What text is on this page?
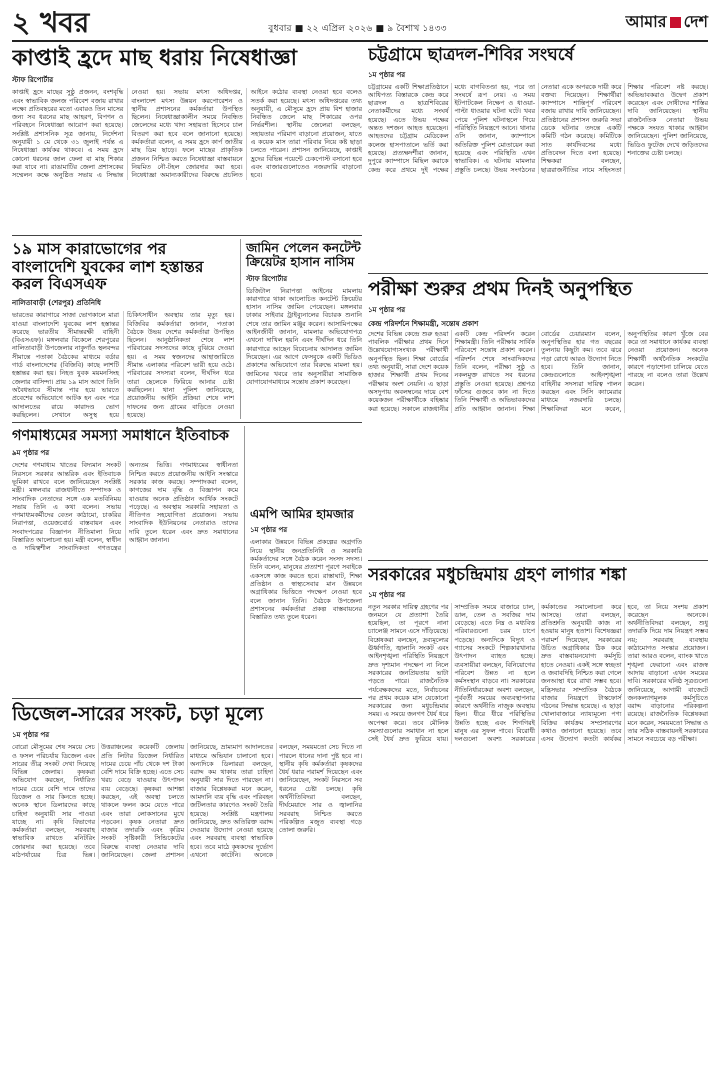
২ খবর	বুধবার ■ ২২ এপ্রিল ২০২৬ ■ ৯ বৈশাখ ১৪৩৩	আমার দেশ
কাপ্তাই হ্রদে মাছ ধরায় নিষেধাজ্ঞা
স্টাফ রিপোর্টার

কাপ্তাই হ্রদে মাছের সুষ্ঠু প্রজনন, বংশবৃদ্ধি এবং স্বাভাবিক জলজ পরিবেশ বজায় রাখার লক্ষ্যে প্রতিবছরের মতো এবারও তিন মাসের জন্য সব ধরনের মাছ আহরণ, বিপণন ও পরিবহনে নিষেধাজ্ঞা আরোপ করা হয়েছে। সংশ্লিষ্ট প্রশাসনিক সূত্র জানায়, নির্দেশনা অনুযায়ী ১ মে থেকে ৩১ জুলাই পর্যন্ত এ নিষেধাজ্ঞা কার্যকর থাকবে। এ সময় হ্রদে কোনো ধরনের জাল ফেলা বা মাছ শিকার করা যাবে না। রাঙামাটির জেলা প্রশাসকের সম্মেলন কক্ষে অনুষ্ঠিত সভায় এ সিদ্ধান্ত নেওয়া হয়। সভায় মৎস্য অধিদপ্তর, বাংলাদেশ মৎস্য উন্নয়ন করপোরেশন ও স্থানীয় প্রশাসনের কর্মকর্তারা উপস্থিত ছিলেন। নিষেধাজ্ঞাকালীন সময়ে নিবন্ধিত জেলেদের মধ্যে খাদ্য সহায়তা হিসেবে চাল বিতরণ করা হবে বলে জানানো হয়েছে। কর্মকর্তারা বলেন, এ সময় হ্রদে কার্প জাতীয় মাছ ডিম ছাড়ে। ফলে মাছের প্রাকৃতিক প্রজনন নিশ্চিত করতে নিষেধাজ্ঞা বাস্তবায়নে নিয়মিত নৌ-টহল জোরদার করা হবে। নিষেধাজ্ঞা অমান্যকারীদের বিরুদ্ধে প্রচলিত আইনে কঠোর ব্যবস্থা নেওয়া হবে বলেও সতর্ক করা হয়েছে। মৎস্য অধিদপ্তরের তথ্য অনুযায়ী, এ মৌসুমে হ্রদে প্রায় বিশ হাজার নিবন্ধিত জেলে মাছ শিকারের ওপর নির্ভরশীল। স্থানীয় জেলেরা বলছেন, সহায়তার পরিমাণ বাড়ানো প্রয়োজন, যাতে এ কয়েক মাস তারা পরিবার নিয়ে কষ্ট ছাড়া চলতে পারেন। প্রশাসন জানিয়েছে, কাপ্তাই হ্রদের বিভিন্ন পয়েন্টে চেকপোস্ট বসানো হবে এবং বাজারগুলোতেও নজরদারি বাড়ানো হবে।

১৯ মাস কারাভোগের পর বাংলাদেশি যুবকের লাশ হস্তান্তর করল বিএসএফ
নালিতাবাড়ী (শেরপুর) প্রতিনিধি

ভারতের কারাগারে সাজা ভোগকালে মারা যাওয়া বাংলাদেশি যুবকের লাশ হস্তান্তর করেছে ভারতীয় সীমান্তরক্ষী বাহিনী (বিএসএফ)। মঙ্গলবার বিকেলে শেরপুরের নালিতাবাড়ী উপজেলার নাকুগাঁও স্থলবন্দর সীমান্তে পতাকা বৈঠকের মাধ্যমে বর্ডার গার্ড বাংলাদেশের (বিজিবি) কাছে লাশটি হস্তান্তর করা হয়। নিহত যুবক ময়মনসিংহ জেলার বাসিন্দা। প্রায় ১৯ মাস আগে তিনি অবৈধভাবে সীমান্ত পার হয়ে ভারতে প্রবেশের অভিযোগে আটক হন এবং পরে আদালতের রায়ে কারাদণ্ড ভোগ করছিলেন। সেখানে অসুস্থ হয়ে চিকিৎসাধীন অবস্থায় তার মৃত্যু হয়। বিজিবির কর্মকর্তারা জানান, পতাকা বৈঠকে উভয় দেশের কর্মকর্তারা উপস্থিত ছিলেন। আনুষ্ঠানিকতা শেষে লাশ পরিবারের সদস্যদের কাছে বুঝিয়ে দেওয়া হয়। এ সময় স্বজনদের আহাজারিতে সীমান্ত এলাকার পরিবেশ ভারী হয়ে ওঠে। পরিবারের সদস্যরা বলেন, দীর্ঘদিন ধরে তারা ছেলেকে ফিরিয়ে আনার চেষ্টা করছিলেন। থানা পুলিশ জানিয়েছে, প্রয়োজনীয় আইনি প্রক্রিয়া শেষে লাশ দাফনের জন্য গ্রামের বাড়িতে নেওয়া হয়েছে।

জামিন পেলেন কনটেন্ট ক্রিয়েটর হাসান নাসিম
স্টাফ রিপোর্টার

ডিজিটাল নিরাপত্তা আইনের মামলায় কারাগারে থাকা আলোচিত কনটেন্ট ক্রিয়েটর হাসান নাসিম জামিন পেয়েছেন। মঙ্গলবার ঢাকার সাইবার ট্রাইব্যুনালের বিচারক শুনানি শেষে তার জামিন মঞ্জুর করেন। আসামিপক্ষের আইনজীবী জানান, মামলার অভিযোগপত্র এখনো দাখিল হয়নি এবং দীর্ঘদিন ধরে তিনি কারাগারে আছেন বিবেচনায় আদালত জামিন দিয়েছেন। এর আগে ফেসবুকে একটি ভিডিও প্রকাশের অভিযোগে তার বিরুদ্ধে মামলা হয়। জামিনের খবরে তার অনুসারীরা সামাজিক যোগাযোগমাধ্যমে সন্তোষ প্রকাশ করেছেন।

গণমাধ্যমের সমস্যা সমাধানে ইতিবাচক
৯ম পৃষ্ঠার পর

দেশের গণমাধ্যম খাতের বিদ্যমান সংকট নিরসনে সরকার আন্তরিক এবং ইতিবাচক ভূমিকা রাখবে বলে জানিয়েছেন সংশ্লিষ্ট মন্ত্রী। মঙ্গলবার রাজধানীতে সম্পাদক ও সাংবাদিক নেতাদের সঙ্গে এক মতবিনিময় সভায় তিনি এ কথা বলেন। সভায় গণমাধ্যমকর্মীদের বেতন কাঠামো, চাকরির নিরাপত্তা, ওয়েজবোর্ড বাস্তবায়ন এবং সংবাদপত্রের বিজ্ঞাপন নীতিমালা নিয়ে বিস্তারিত আলোচনা হয়। মন্ত্রী বলেন, স্বাধীন ও দায়িত্বশীল সাংবাদিকতা গণতন্ত্রের অন্যতম ভিত্তি। গণমাধ্যমের স্বাধীনতা নিশ্চিত করতে প্রয়োজনীয় আইনি সংস্কারে সরকার কাজ করছে। সম্পাদকরা বলেন, কাগজের দাম বৃদ্ধি ও বিজ্ঞাপন কমে যাওয়ায় অনেক প্রতিষ্ঠান আর্থিক সংকটে পড়েছে। এ অবস্থায় সরকারি সহায়তা ও নীতিগত সহযোগিতা প্রয়োজন। সভায় সাংবাদিক ইউনিয়নের নেতারাও তাদের দাবি তুলে ধরেন এবং দ্রুত সমাধানের আহ্বান জানান।

এমপি আমির হামজার
১ম পৃষ্ঠার পর

এলাকার উন্নয়নে বিভিন্ন প্রকল্পের অগ্রগতি নিয়ে স্থানীয় জনপ্রতিনিধি ও সরকারি কর্মকর্তাদের সঙ্গে বৈঠক করেন সংসদ সদস্য। তিনি বলেন, মানুষের প্রত্যাশা পূরণে সবাইকে একসঙ্গে কাজ করতে হবে। রাস্তাঘাট, শিক্ষা প্রতিষ্ঠান ও স্বাস্থ্যসেবার মান উন্নয়নে অগ্রাধিকার ভিত্তিতে পদক্ষেপ নেওয়া হবে বলে জানান তিনি। বৈঠকে উপজেলা প্রশাসনের কর্মকর্তারা প্রকল্প বাস্তবায়নের বিস্তারিত তথ্য তুলে ধরেন।

ডিজেল-সারের সংকট, চড়া মূল্যে
১ম পৃষ্ঠার পর

বোরো মৌসুমের শেষ সময়ে সেচ ও ফসল পরিচর্যায় ডিজেল এবং সারের তীব্র সংকট দেখা দিয়েছে বিভিন্ন জেলায়। কৃষকরা অভিযোগ করছেন, নির্ধারিত দামের চেয়ে বেশি দামে তাদের ডিজেল ও সার কিনতে হচ্ছে। অনেক স্থানে ডিলারদের কাছে চাহিদা অনুযায়ী সার পাওয়া যাচ্ছে না। কৃষি বিভাগের কর্মকর্তারা বলছেন, সরবরাহ স্বাভাবিক রাখতে মনিটরিং জোরদার করা হয়েছে। তবে মাঠপর্যায়ের চিত্র ভিন্ন। উত্তরাঞ্চলের কয়েকটি জেলায় প্রতি লিটার ডিজেল নির্ধারিত দামের চেয়ে পাঁচ থেকে দশ টাকা বেশি দামে বিক্রি হচ্ছে। এতে সেচ খরচ বেড়ে যাওয়ায় উৎপাদন ব্যয় বেড়েছে। কৃষকরা আশঙ্কা করছেন, এই অবস্থা চলতে থাকলে ফলন কমে যেতে পারে এবং তারা লোকসানের মুখে পড়বেন। কৃষক নেতারা দ্রুত বাজার তদারকি এবং কৃত্রিম সংকট সৃষ্টিকারী সিন্ডিকেটের বিরুদ্ধে ব্যবস্থা নেওয়ার দাবি জানিয়েছেন। জেলা প্রশাসন জানিয়েছে, ভ্রাম্যমাণ আদালতের মাধ্যমে অভিযান চালানো হবে। অন্যদিকে ডিলাররা বলছেন, বরাদ্দ কম থাকায় তারা চাহিদা অনুযায়ী সার দিতে পারছেন না। বাজার বিশ্লেষকরা মনে করেন, আমদানি ব্যয় বৃদ্ধি এবং পরিবহন জটিলতার কারণেও সংকট তৈরি হয়েছে। সংশ্লিষ্ট মন্ত্রণালয় জানিয়েছে, দ্রুত অতিরিক্ত বরাদ্দ দেওয়ার উদ্যোগ নেওয়া হয়েছে এবং সরবরাহ ব্যবস্থা স্বাভাবিক হবে। তবে মাঠে কৃষকদের দুর্ভোগ এখনো কাটেনি। অনেকে বলছেন, সময়মতো সেচ দিতে না পারলে ধানের দানা পুষ্ট হবে না। স্থানীয় কৃষি কর্মকর্তারা কৃষকদের ধৈর্য ধরার পরামর্শ দিয়েছেন এবং জানিয়েছেন, সংকট নিরসনে সব ধরনের চেষ্টা চলছে। কৃষি অর্থনীতিবিদরা বলছেন, দীর্ঘমেয়াদে সার ও জ্বালানির সরবরাহ নিশ্চিত করতে পরিকল্পিত মজুত ব্যবস্থা গড়ে তোলা জরুরি।

চট্টগ্রামে ছাত্রদল-শিবির সংঘর্ষে
১ম পৃষ্ঠার পর

চট্টগ্রামের একটি শিক্ষাপ্রতিষ্ঠানে আধিপত্য বিস্তারকে কেন্দ্র করে ছাত্রদল ও ছাত্রশিবিরের নেতাকর্মীদের মধ্যে সংঘর্ষ হয়েছে। এতে উভয় পক্ষের অন্তত দশজন আহত হয়েছেন। আহতদের চট্টগ্রাম মেডিকেল কলেজ হাসপাতালে ভর্তি করা হয়েছে। প্রত্যক্ষদর্শীরা জানান, দুপুরে ক্যাম্পাসে মিছিল করাকে কেন্দ্র করে প্রথমে দুই পক্ষের মধ্যে বাগবিতণ্ডা হয়, পরে তা সংঘর্ষে রূপ নেয়। এ সময় ইটপাটকেল নিক্ষেপ ও ধাওয়া-পাল্টা ধাওয়ার ঘটনা ঘটে। খবর পেয়ে পুলিশ ঘটনাস্থলে গিয়ে পরিস্থিতি নিয়ন্ত্রণে আনে। থানার ওসি জানান, ক্যাম্পাসে অতিরিক্ত পুলিশ মোতায়েন করা হয়েছে এবং পরিস্থিতি এখন স্বাভাবিক। এ ঘটনায় মামলার প্রস্তুতি চলছে। উভয় সংগঠনের নেতারা একে অপরকে দায়ী করে বক্তব্য দিয়েছেন। শিক্ষার্থীরা ক্যাম্পাসে শান্তিপূর্ণ পরিবেশ বজায় রাখার দাবি জানিয়েছেন। প্রতিষ্ঠানের প্রশাসন জরুরি সভা ডেকে ঘটনার তদন্তে একটি কমিটি গঠন করেছে। কমিটিকে সাত কার্যদিবসের মধ্যে প্রতিবেদন দিতে বলা হয়েছে। শিক্ষকরা বলছেন, ছাত্ররাজনীতির নামে সহিংসতা শিক্ষার পরিবেশ নষ্ট করছে। অভিভাবকরাও উদ্বেগ প্রকাশ করেছেন এবং দোষীদের শাস্তির দাবি জানিয়েছেন। স্থানীয় রাজনৈতিক নেতারা উভয় পক্ষকে সংযত থাকার আহ্বান জানিয়েছেন। পুলিশ জানিয়েছে, ভিডিও ফুটেজ দেখে জড়িতদের শনাক্তের চেষ্টা চলছে।

পরীক্ষা শুরুর প্রথম দিনই অনুপস্থিত
১ম পৃষ্ঠার পর
কেন্দ্র পরিদর্শনে শিক্ষামন্ত্রী, সন্তোষ প্রকাশ

দেশের বিভিন্ন কেন্দ্রে শুরু হওয়া পাবলিক পরীক্ষার প্রথম দিনে উল্লেখযোগ্যসংখ্যক পরীক্ষার্থী অনুপস্থিত ছিল। শিক্ষা বোর্ডের তথ্য অনুযায়ী, সারা দেশে কয়েক হাজার শিক্ষার্থী প্রথম দিনের পরীক্ষায় অংশ নেয়নি। এ ছাড়া অসদুপায় অবলম্বনের দায়ে বেশ কয়েকজন পরীক্ষার্থীকে বহিষ্কার করা হয়েছে। সকালে রাজধানীর একটি কেন্দ্র পরিদর্শন করেন শিক্ষামন্ত্রী। তিনি পরীক্ষার সার্বিক পরিবেশে সন্তোষ প্রকাশ করেন। পরিদর্শন শেষে সাংবাদিকদের তিনি বলেন, পরীক্ষা সুষ্ঠু ও নকলমুক্ত রাখতে সব ধরনের প্রস্তুতি নেওয়া হয়েছে। প্রশ্নপত্র ফাঁসের গুজবে কান না দিতে তিনি শিক্ষার্থী ও অভিভাবকদের প্রতি আহ্বান জানান। শিক্ষা বোর্ডের চেয়ারম্যান বলেন, অনুপস্থিতির হার গত বছরের তুলনায় কিছুটা কম। তবে ঝরে পড়া রোধে আরও উদ্যোগ নিতে হবে। তিনি জানান, কেন্দ্রগুলোতে আইনশৃঙ্খলা বাহিনীর সদস্যরা দায়িত্ব পালন করছেন এবং সিসি ক্যামেরার মাধ্যমে নজরদারি চলছে। শিক্ষাবিদরা মনে করেন, অনুপস্থিতির কারণ খুঁজে বের করে তা সমাধানে কার্যকর ব্যবস্থা নেওয়া প্রয়োজন। অনেক শিক্ষার্থী অর্থনৈতিক সংকটের কারণে পড়াশোনা চালিয়ে যেতে পারছে না বলেও তারা উল্লেখ করেন।

সরকারের মধুচন্দ্রিমায় গ্রহণ লাগার শঙ্কা
১ম পৃষ্ঠার পর

নতুন সরকার দায়িত্ব গ্রহণের পর জনমনে যে প্রত্যাশা তৈরি হয়েছিল, তা পূরণে নানা চ্যালেঞ্জ সামনে এসে দাঁড়িয়েছে। বিশ্লেষকরা বলছেন, দ্রব্যমূল্যের ঊর্ধ্বগতি, জ্বালানি সংকট এবং আইনশৃঙ্খলা পরিস্থিতি নিয়ন্ত্রণে দ্রুত দৃশ্যমান পদক্ষেপ না নিলে সরকারের জনপ্রিয়তায় ভাটা পড়তে পারে। রাজনৈতিক পর্যবেক্ষকদের মতে, নির্বাচনের পর প্রথম কয়েক মাস যেকোনো সরকারের জন্য মধুচন্দ্রিমার সময়। এ সময়ে জনগণ ধৈর্য ধরে অপেক্ষা করে। তবে মৌলিক সমস্যাগুলোর সমাধান না হলে সেই ধৈর্য দ্রুত ফুরিয়ে যায়। সাম্প্রতিক সময়ে বাজারে চাল, ডাল, তেল ও সবজির দাম বেড়েছে। এতে নিম্ন ও মধ্যবিত্ত পরিবারগুলো চরম চাপে পড়েছে। অন্যদিকে বিদ্যুৎ ও গ্যাসের সংকটে শিল্পকারখানার উৎপাদন ব্যাহত হচ্ছে। ব্যবসায়ীরা বলছেন, বিনিয়োগের পরিবেশ উন্নত না হলে কর্মসংস্থান বাড়বে না। সরকারের নীতিনির্ধারকেরা অবশ্য বলছেন, পূর্ববর্তী সময়ের অব্যবস্থাপনার কারণে অর্থনীতি নাজুক অবস্থায় ছিল। ধীরে ধীরে পরিস্থিতির উন্নতি হচ্ছে এবং শিগগিরই মানুষ এর সুফল পাবে। বিরোধী দলগুলো অবশ্য সরকারের কর্মকাণ্ডের সমালোচনা করে আসছে। তারা বলছেন, প্রতিশ্রুতি অনুযায়ী কাজ না হওয়ায় মানুষ হতাশ। বিশেষজ্ঞরা পরামর্শ দিয়েছেন, সরকারের উচিত অগ্রাধিকার ঠিক করে দ্রুত বাস্তবায়নযোগ্য কর্মসূচি হাতে নেওয়া। একই সঙ্গে স্বচ্ছতা ও জবাবদিহি নিশ্চিত করা গেলে জনআস্থা ধরে রাখা সম্ভব হবে। মন্ত্রিসভার সাম্প্রতিক বৈঠকে বাজার নিয়ন্ত্রণে টাস্কফোর্স গঠনের সিদ্ধান্ত হয়েছে। এ ছাড়া খোলাবাজারে ন্যায্যমূল্যে পণ্য বিক্রির কার্যক্রম সম্প্রসারণের কথাও জানানো হয়েছে। তবে এসব উদ্যোগ কতটা কার্যকর হবে, তা নিয়ে সংশয় প্রকাশ করেছেন অনেকে। অর্থনীতিবিদরা বলছেন, শুধু তদারকি দিয়ে দাম নিয়ন্ত্রণ সম্ভব নয়; সরবরাহ ব্যবস্থায় কাঠামোগত সংস্কার প্রয়োজন। তারা আরও বলেন, ব্যাংক খাতে শৃঙ্খলা ফেরানো এবং রাজস্ব আদায় বাড়ানো এখন সময়ের দাবি। সরকারের ঘনিষ্ঠ সূত্রগুলো জানিয়েছে, আগামী বাজেটে জনকল্যাণমূলক কর্মসূচিতে বরাদ্দ বাড়ানোর পরিকল্পনা রয়েছে। রাজনৈতিক বিশ্লেষকরা মনে করেন, সময়মতো সিদ্ধান্ত ও তার সঠিক বাস্তবায়নই সরকারের সামনে সবচেয়ে বড় পরীক্ষা।
